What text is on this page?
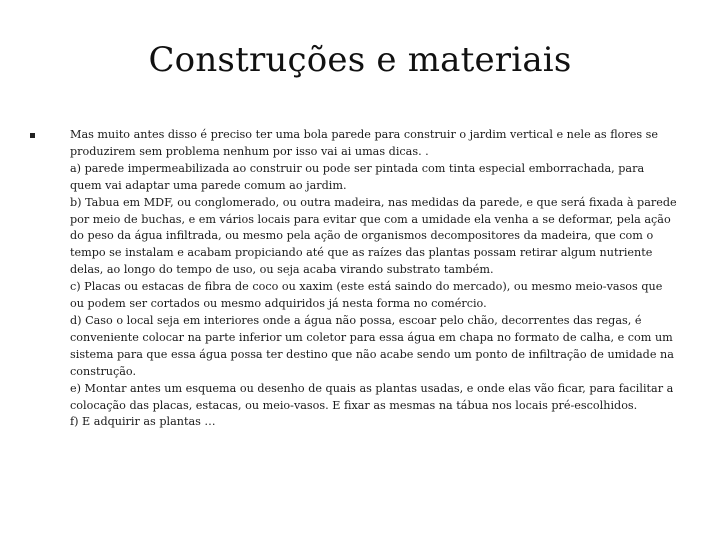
Construções e materiais
Mas muito antes disso é preciso ter uma bola parede para construir o jardim vertical e nele as flores se
produzirem sem problema nenhum por isso vai ai umas dicas. .
a) parede impermeabilizada ao construir ou pode ser pintada com tinta especial emborrachada, para
quem vai adaptar uma parede comum ao jardim.
b) Tabua em MDF, ou conglomerado, ou outra madeira, nas medidas da parede, e que será fixada à parede
por meio de buchas, e em vários locais para evitar que com a umidade ela venha a se deformar, pela ação
do peso da água infiltrada, ou mesmo pela ação de organismos decompositores da madeira, que com o
tempo se instalam e acabam propiciando até que as raízes das plantas possam retirar algum nutriente
delas, ao longo do tempo de uso, ou seja acaba virando substrato também.
c) Placas ou estacas de fibra de coco ou xaxim (este está saindo do mercado), ou mesmo meio-vasos que
ou podem ser cortados ou mesmo adquiridos já nesta forma no comércio.
d) Caso o local seja em interiores onde a água não possa, escoar pelo chão, decorrentes das regas, é
conveniente colocar na parte inferior um coletor para essa água em chapa no formato de calha, e com um
sistema para que essa água possa ter destino que não acabe sendo um ponto de infiltração de umidade na
construção.
e) Montar antes um esquema ou desenho de quais as plantas usadas, e onde elas vão ficar, para facilitar a
colocação das placas, estacas, ou meio-vasos. E fixar as mesmas na tábua nos locais pré-escolhidos.
f) E adquirir as plantas …
